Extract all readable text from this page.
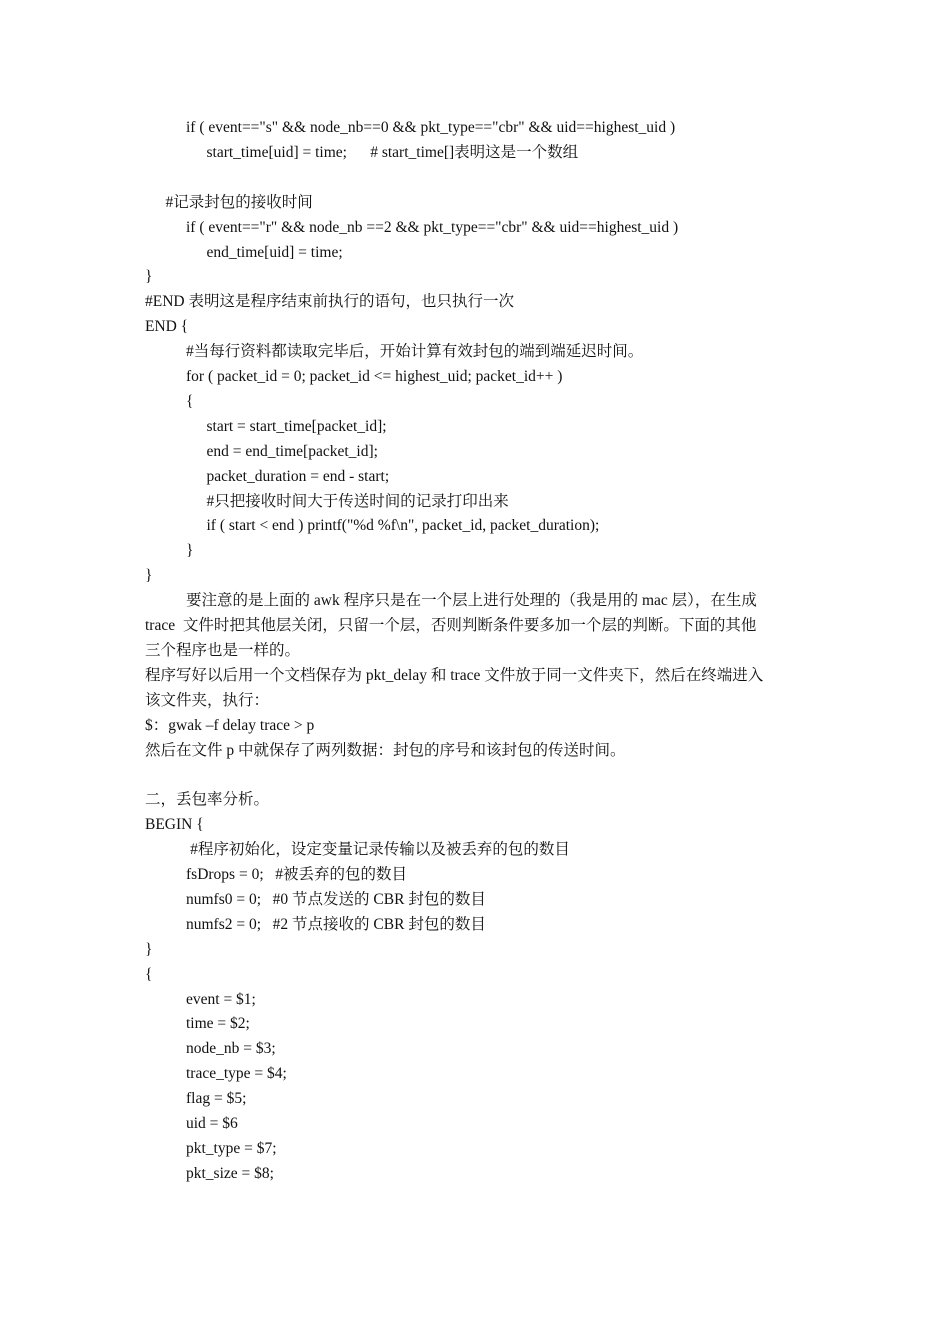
if ( event=="s" && node_nb==0 && pkt_type=="cbr" && uid==highest_uid )
start_time[uid] = time;      # start_time[]表明这是一个数组
#记录封包的接收时间
if ( event=="r" && node_nb ==2 && pkt_type=="cbr" && uid==highest_uid )
end_time[uid] = time;
}
#END 表明这是程序结束前执行的语句，也只执行一次
END {
#当每行资料都读取完毕后，开始计算有效封包的端到端延迟时间。
for ( packet_id = 0; packet_id <= highest_uid; packet_id++ )
{
start = start_time[packet_id];
end = end_time[packet_id];
packet_duration = end - start;
#只把接收时间大于传送时间的记录打印出来
if ( start < end ) printf("%d %f\n", packet_id, packet_duration);
}
}
要注意的是上面的 awk 程序只是在一个层上进行处理的（我是用的 mac 层），在生成
trace  文件时把其他层关闭，只留一个层，否则判断条件要多加一个层的判断。下面的其他
三个程序也是一样的。
程序写好以后用一个文档保存为 pkt_delay 和 trace 文件放于同一文件夹下，然后在终端进入
该文件夹，执行：
$：gwak –f delay trace > p
然后在文件 p 中就保存了两列数据：封包的序号和该封包的传送时间。
二，丢包率分析。
BEGIN {
#程序初始化，设定变量记录传输以及被丢弃的包的数目
fsDrops = 0;   #被丢弃的包的数目
numfs0 = 0;   #0 节点发送的 CBR 封包的数目
numfs2 = 0;   #2 节点接收的 CBR 封包的数目
}
{
event = $1;
time = $2;
node_nb = $3;
trace_type = $4;
flag = $5;
uid = $6
pkt_type = $7;
pkt_size = $8;
